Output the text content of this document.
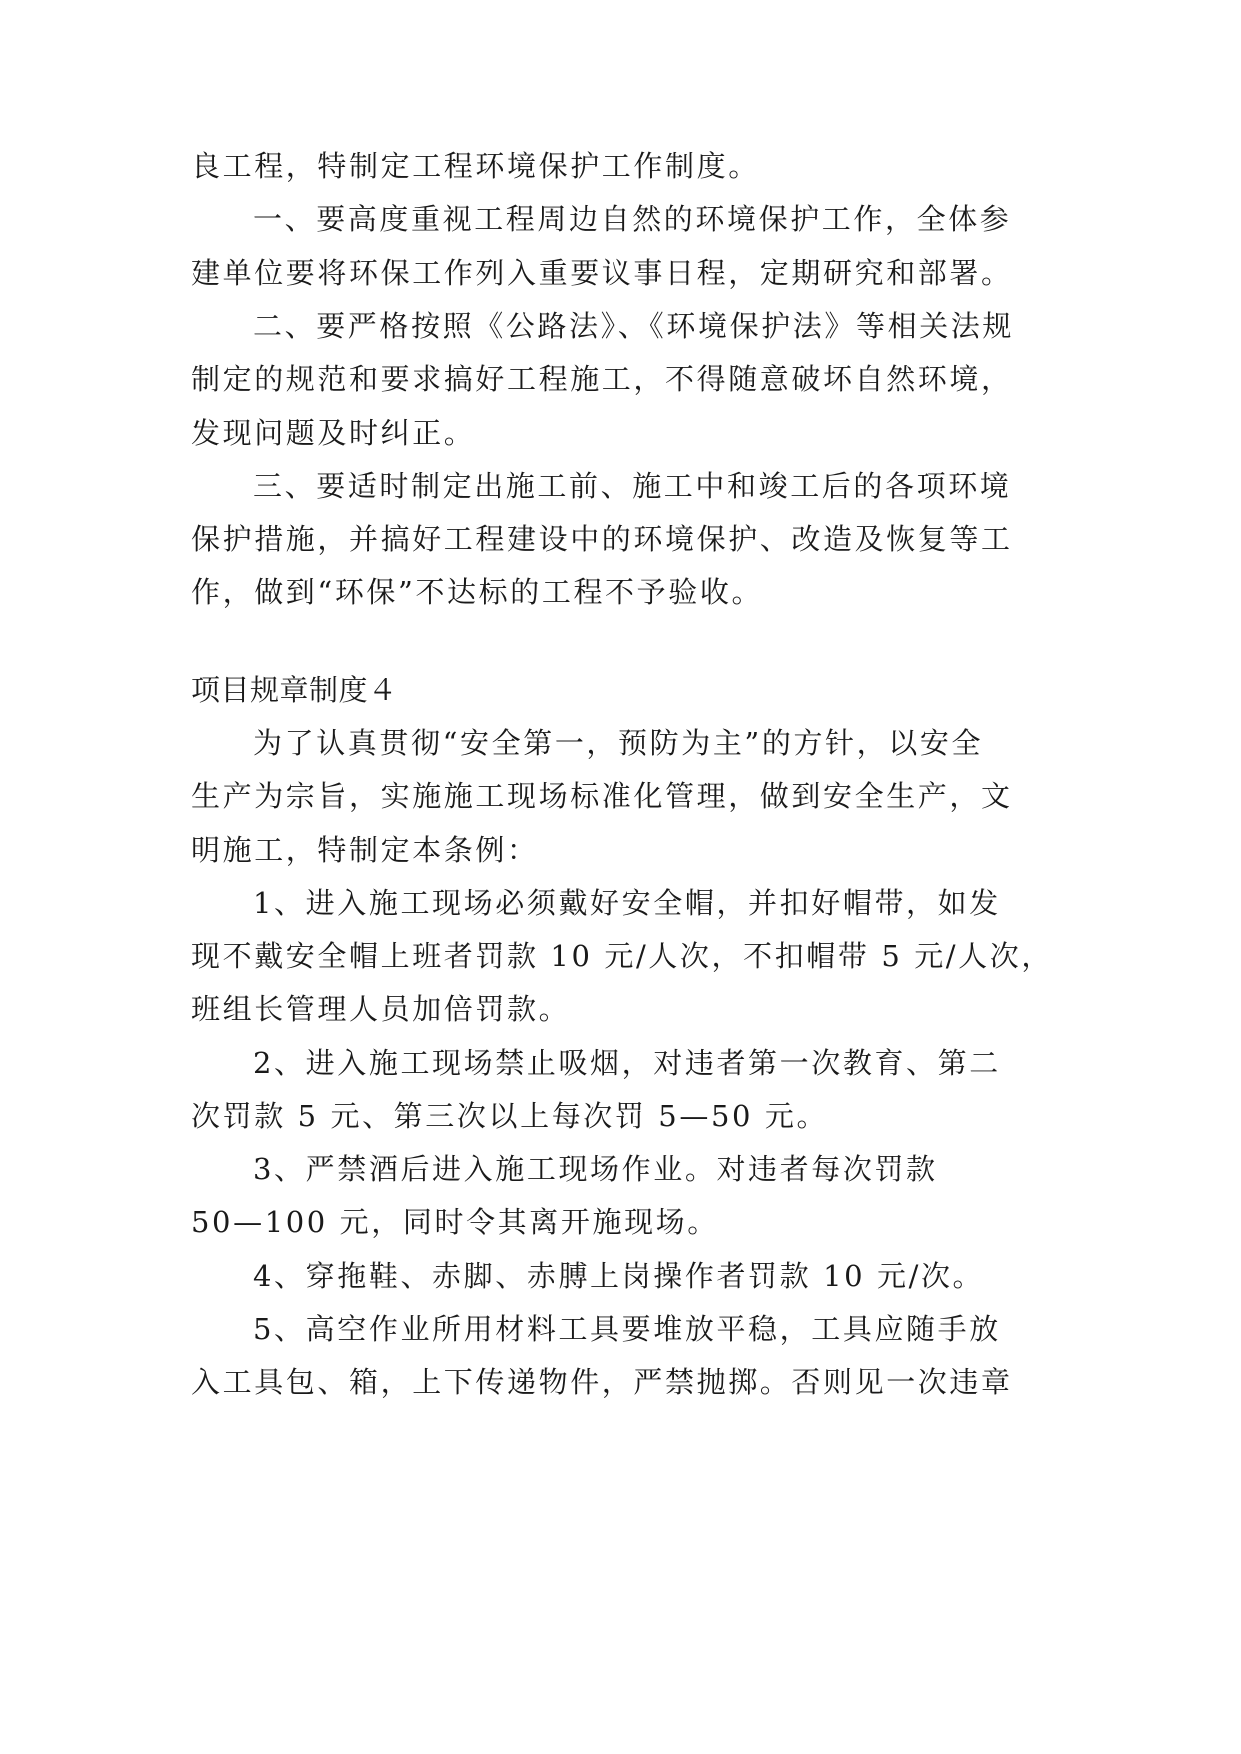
良工程，特制定工程环境保护工作制度。
一、要高度重视工程周边自然的环境保护工作，全体参
建单位要将环保工作列入重要议事日程，定期研究和部署。
二、要严格按照《公路法》、《环境保护法》等相关法规
制定的规范和要求搞好工程施工，不得随意破坏自然环境，
发现问题及时纠正。
三、要适时制定出施工前、施工中和竣工后的各项环境
保护措施，并搞好工程建设中的环境保护、改造及恢复等工
作，做到“环保”不达标的工程不予验收。
项目规章制度４
为了认真贯彻“安全第一，预防为主”的方针，以安全
生产为宗旨，实施施工现场标准化管理，做到安全生产，文
明施工，特制定本条例：
1、进入施工现场必须戴好安全帽，并扣好帽带，如发
现不戴安全帽上班者罚款 10 元/人次，不扣帽带 5 元/人次，
班组长管理人员加倍罚款。
2、进入施工现场禁止吸烟，对违者第一次教育、第二
次罚款 5 元、第三次以上每次罚 5—50 元。
3、严禁酒后进入施工现场作业。对违者每次罚款
50—100 元，同时令其离开施现场。
4、穿拖鞋、赤脚、赤膊上岗操作者罚款 10 元/次。
5、高空作业所用材料工具要堆放平稳，工具应随手放
入工具包、箱，上下传递物件，严禁抛掷。否则见一次违章
